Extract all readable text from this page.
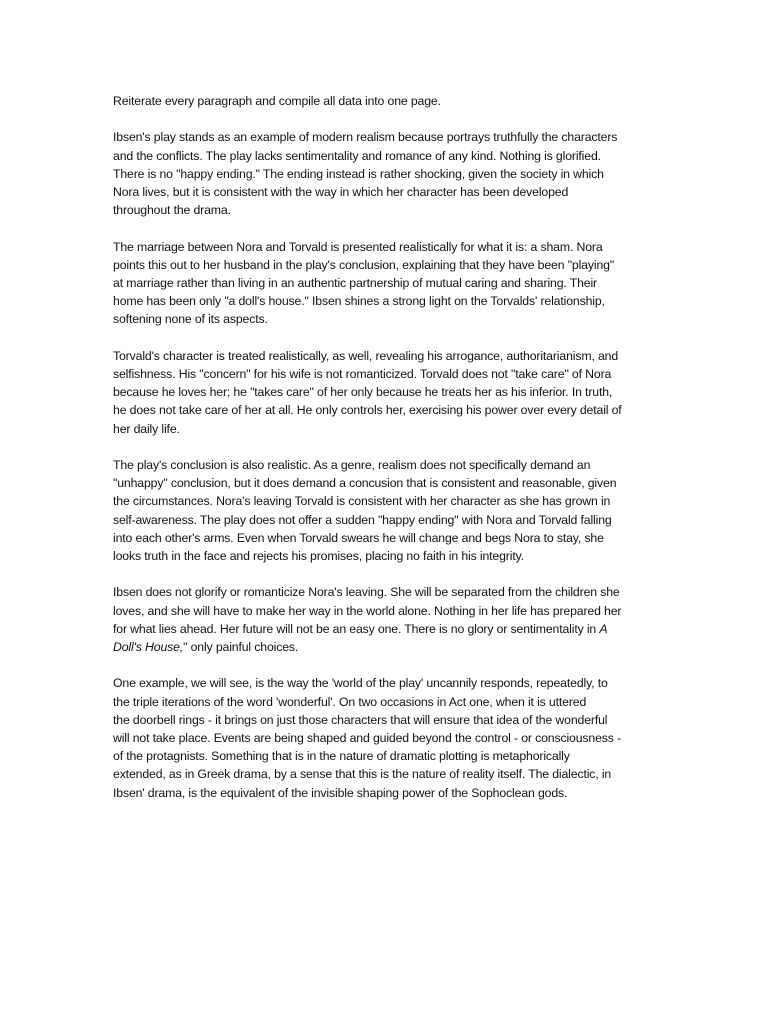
Reiterate every paragraph and compile all data into one page.

Ibsen's play stands as an example of modern realism because portrays truthfully the characters
and the conflicts. The play lacks sentimentality and romance of any kind. Nothing is glorified.
There is no "happy ending." The ending instead is rather shocking, given the society in which
Nora lives, but it is consistent with the way in which her character has been developed
throughout the drama.

The marriage between Nora and Torvald is presented realistically for what it is: a sham. Nora
points this out to her husband in the play's conclusion, explaining that they have been "playing"
at marriage rather than living in an authentic partnership of mutual caring and sharing. Their
home has been only "a doll's house." Ibsen shines a strong light on the Torvalds' relationship,
softening none of its aspects.

Torvald's character is treated realistically, as well, revealing his arrogance, authoritarianism, and
selfishness. His "concern" for his wife is not romanticized. Torvald does not "take care" of Nora
because he loves her; he "takes care" of her only because he treats her as his inferior. In truth,
he does not take care of her at all. He only controls her, exercising his power over every detail of
her daily life.

The play's conclusion is also realistic. As a genre, realism does not specifically demand an
"unhappy" conclusion, but it does demand a concusion that is consistent and reasonable, given
the circumstances. Nora's leaving Torvald is consistent with her character as she has grown in
self-awareness. The play does not offer a sudden "happy ending" with Nora and Torvald falling
into each other's arms. Even when Torvald swears he will change and begs Nora to stay, she
looks truth in the face and rejects his promises, placing no faith in his integrity.

Ibsen does not glorify or romanticize Nora's leaving. She will be separated from the children she
loves, and she will have to make her way in the world alone. Nothing in her life has prepared her
for what lies ahead. Her future will not be an easy one. There is no glory or sentimentality in A
Doll's House," only painful choices.

One example, we will see, is the way the 'world of the play' uncannily responds, repeatedly, to
the triple iterations of the word 'wonderful'. On two occasions in Act one, when it is uttered
the doorbell rings - it brings on just those characters that will ensure that idea of the wonderful
will not take place. Events are being shaped and guided beyond the control - or consciousness -
of the protagnists. Something that is in the nature of dramatic plotting is metaphorically
extended, as in Greek drama, by a sense that this is the nature of reality itself. The dialectic, in
Ibsen' drama, is the equivalent of the invisible shaping power of the Sophoclean gods.
